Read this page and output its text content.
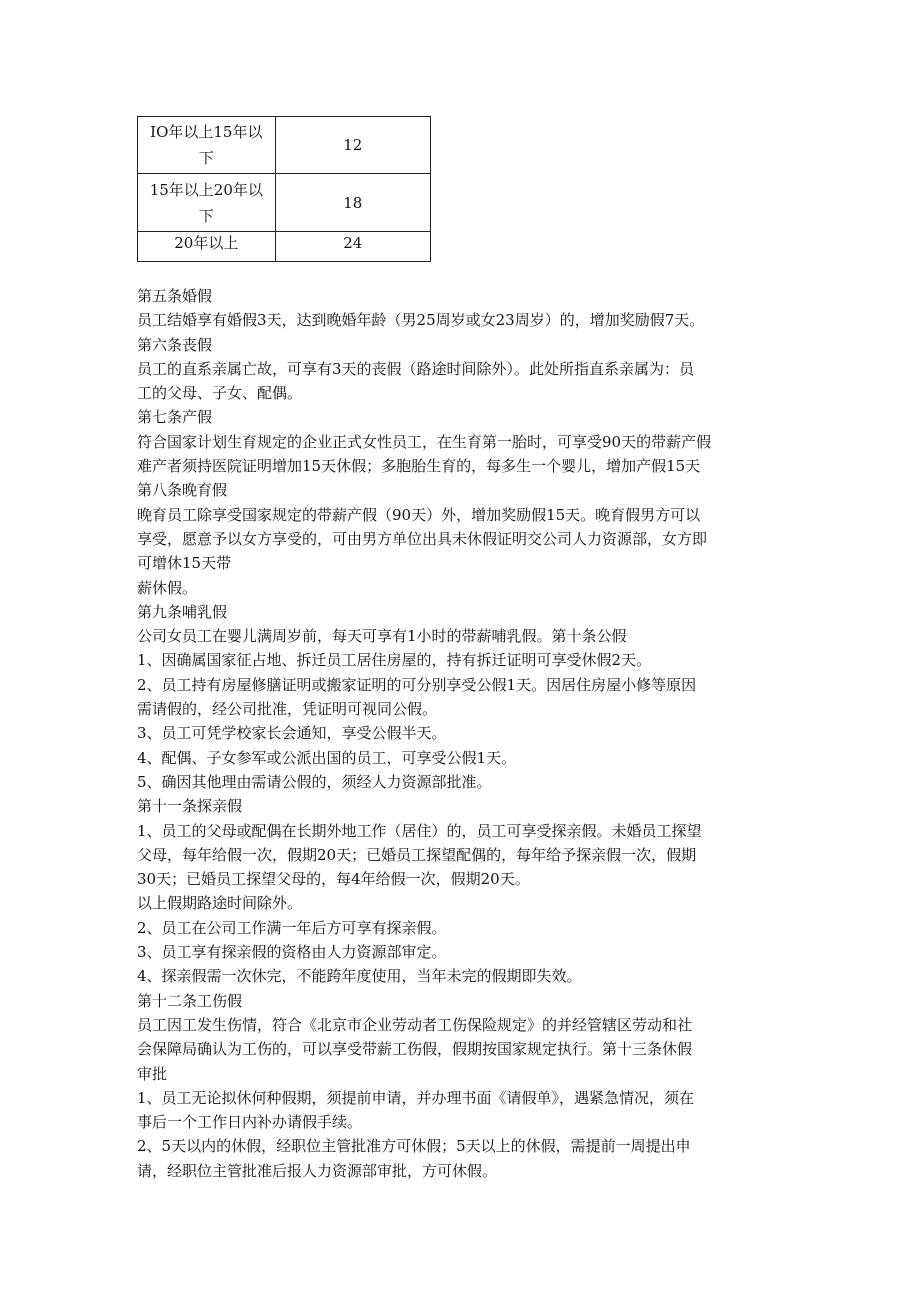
IO年以上15年以
下	12

15年以上20年以
下	18
20年以上	24
第五条婚假
员工结婚享有婚假3天，达到晚婚年龄（男25周岁或女23周岁）的，增加奖励假7天。
第六条丧假
员工的直系亲属亡故，可享有3天的丧假（路途时间除外）。此处所指直系亲属为：员
工的父母、子女、配偶。
第七条产假
符合国家计划生育规定的企业正式女性员工，在生育第一胎时，可享受90天的带薪产假
难产者须持医院证明增加15天休假；多胞胎生育的，每多生一个婴儿，增加产假15天
第八条晚育假
晚育员工除享受国家规定的带薪产假（90天）外，增加奖励假15天。晚育假男方可以
享受，愿意予以女方享受的，可由男方单位出具未休假证明交公司人力资源部，女方即
可增休15天带
薪休假。
第九条哺乳假
公司女员工在婴儿满周岁前，每天可享有1小时的带薪哺乳假。第十条公假
1、因确属国家征占地、拆迁员工居住房屋的，持有拆迁证明可享受休假2天。
2、员工持有房屋修膳证明或搬家证明的可分别享受公假1天。因居住房屋小修等原因
需请假的，经公司批准，凭证明可视同公假。
3、员工可凭学校家长会通知，享受公假半天。
4、配偶、子女参军或公派出国的员工，可享受公假1天。
5、确因其他理由需请公假的，须经人力资源部批准。
第十一条探亲假
1、员工的父母或配偶在长期外地工作（居住）的，员工可享受探亲假。未婚员工探望
父母，每年给假一次，假期20天；已婚员工探望配偶的，每年给予探亲假一次，假期
30天；已婚员工探望父母的，每4年给假一次，假期20天。
以上假期路途时间除外。
2、员工在公司工作满一年后方可享有探亲假。
3、员工享有探亲假的资格由人力资源部审定。
4、探亲假需一次休完，不能跨年度使用，当年未完的假期即失效。
第十二条工伤假
员工因工发生伤情，符合《北京市企业劳动者工伤保险规定》的并经管辖区劳动和社
会保障局确认为工伤的，可以享受带薪工伤假，假期按国家规定执行。第十三条休假
审批
1、员工无论拟休何种假期，须提前申请，并办理书面《请假单》，遇紧急情况，须在
事后一个工作日内补办请假手续。
2、5天以内的休假，经职位主管批准方可休假；5天以上的休假，需提前一周提出申
请，经职位主管批准后报人力资源部审批，方可休假。
